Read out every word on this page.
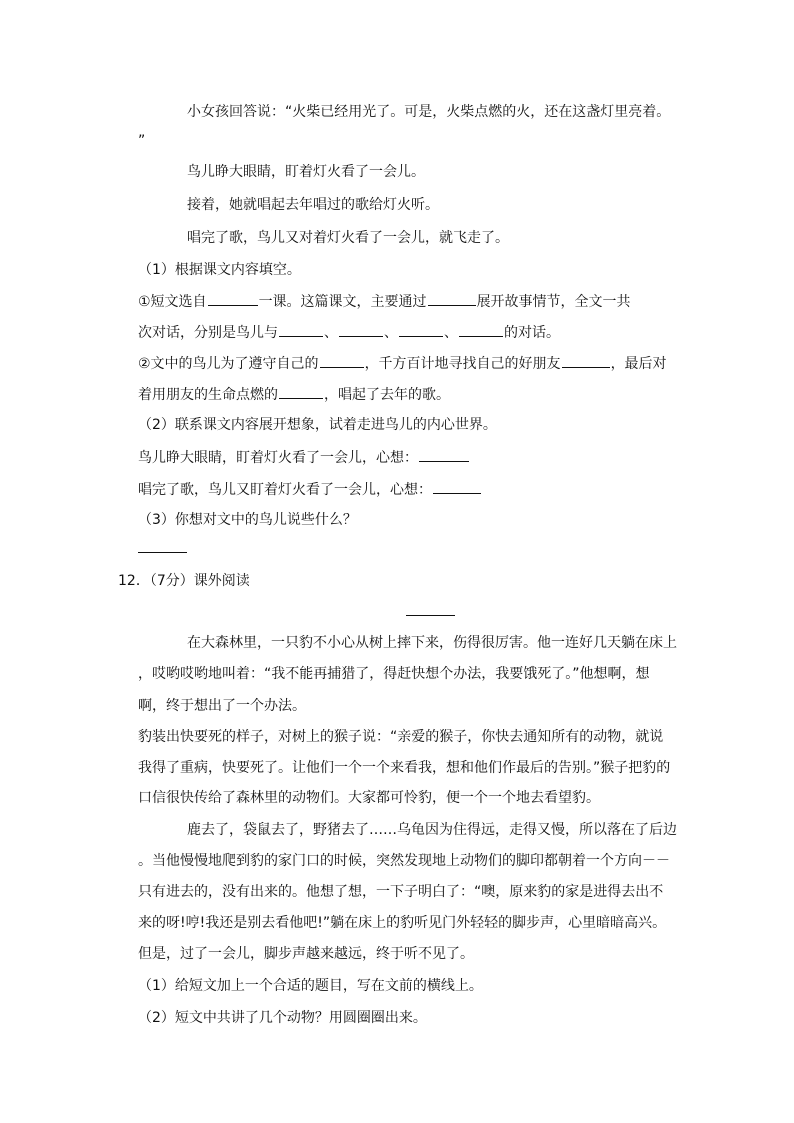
小女孩回答说：“火柴已经用光了。可是，火柴点燃的火，还在这盏灯里亮着。
”
鸟儿睁大眼睛，盯着灯火看了一会儿。
接着，她就唱起去年唱过的歌给灯火听。
唱完了歌，鸟儿又对着灯火看了一会儿，就飞走了。
（1）根据课文内容填空。
①短文选自	一课。这篇课文，主要通过	展开故事情节，全文一共
次对话，分别是鸟儿与	、	、	、	的对话。
②文中的鸟儿为了遵守自己的	，千方百计地寻找自己的好朋友	，最后对
着用朋友的生命点燃的	，唱起了去年的歌。
（2）联系课文内容展开想象，试着走进鸟儿的内心世界。
鸟儿睁大眼睛，盯着灯火看了一会儿，心想：
唱完了歌，鸟儿又盯着灯火看了一会儿，心想：
（3）你想对文中的鸟儿说些什么？
12．（7分）课外阅读
在大森林里，一只豹不小心从树上摔下来，伤得很厉害。他一连好几天躺在床上
，哎哟哎哟地叫着：“我不能再捕猎了，得赶快想个办法，我要饿死了。”他想啊，想
啊，终于想出了一个办法。
豹装出快要死的样子，对树上的猴子说：“亲爱的猴子，你快去通知所有的动物，就说
我得了重病，快要死了。让他们一个一个来看我，想和他们作最后的告别。”猴子把豹的
口信很快传给了森林里的动物们。大家都可怜豹，便一个一个地去看望豹。
鹿去了，袋鼠去了，野猪去了……乌龟因为住得远，走得又慢，所以落在了后边
。当他慢慢地爬到豹的家门口的时候，突然发现地上动物们的脚印都朝着一个方向－－
只有进去的，没有出来的。他想了想，一下子明白了：“噢，原来豹的家是进得去出不
来的呀!哼!我还是别去看他吧!”躺在床上的豹听见门外轻轻的脚步声，心里暗暗高兴。
但是，过了一会儿，脚步声越来越远，终于听不见了。
（1）给短文加上一个合适的题目，写在文前的横线上。
（2）短文中共讲了几个动物？用圆圈圈出来。
